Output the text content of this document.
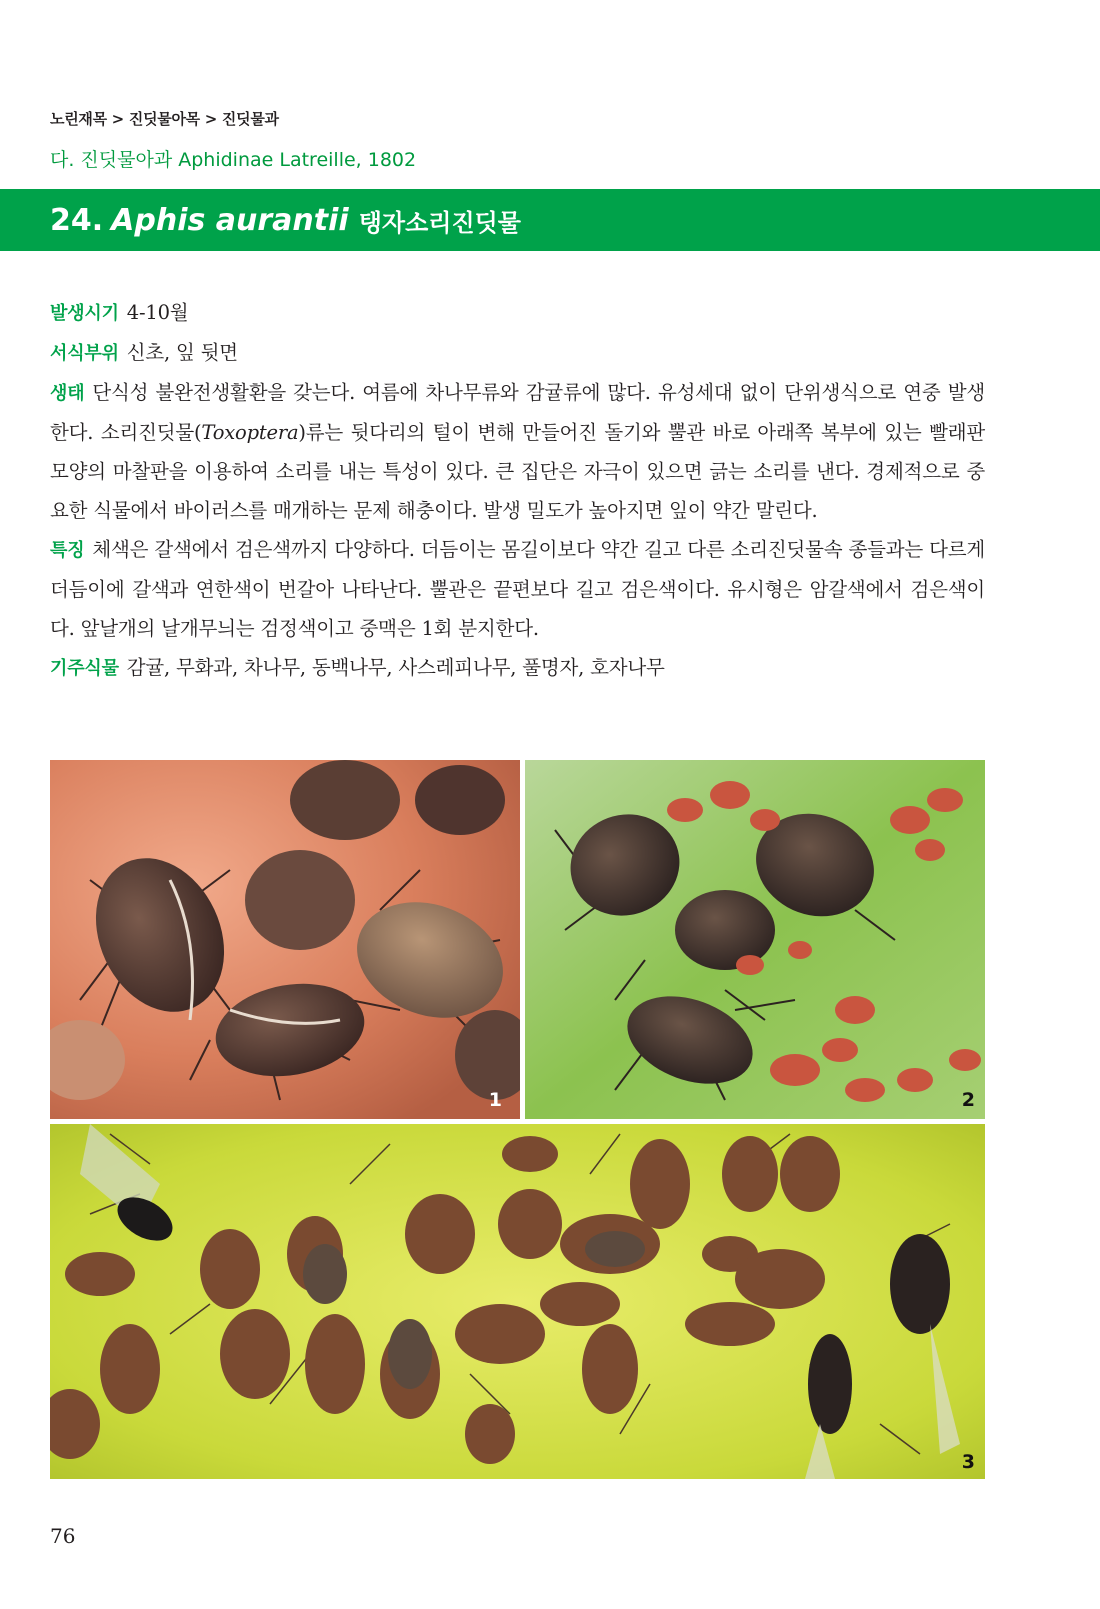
노린재목 > 진딧물아목 > 진딧물과
다. 진딧물아과 Aphidinae Latreille, 1802
24. Aphis aurantii 탱자소리진딧물

발생시기 4-10월

서식부위 신초, 잎 뒷면

생태 단식성 불완전생활환을 갖는다. 여름에 차나무류와 감귤류에 많다. 유성세대 없이 단위생식으로 연중 발생한다. 소리진딧물(Toxoptera)류는 뒷다리의 털이 변해 만들어진 돌기와 뿔관 바로 아래쪽 복부에 있는 빨래판 모양의 마찰판을 이용하여 소리를 내는 특성이 있다. 큰 집단은 자극이 있으면 긁는 소리를 낸다. 경제적으로 중요한 식물에서 바이러스를 매개하는 문제 해충이다. 발생 밀도가 높아지면 잎이 약간 말린다.

특징 체색은 갈색에서 검은색까지 다양하다. 더듬이는 몸길이보다 약간 길고 다른 소리진딧물속 종들과는 다르게 더듬이에 갈색과 연한색이 번갈아 나타난다. 뿔관은 끝편보다 길고 검은색이다. 유시형은 암갈색에서 검은색이다. 앞날개의 날개무늬는 검정색이고 중맥은 1회 분지한다.

기주식물 감귤, 무화과, 차나무, 동백나무, 사스레피나무, 풀명자, 호자나무

1	2
3
76
